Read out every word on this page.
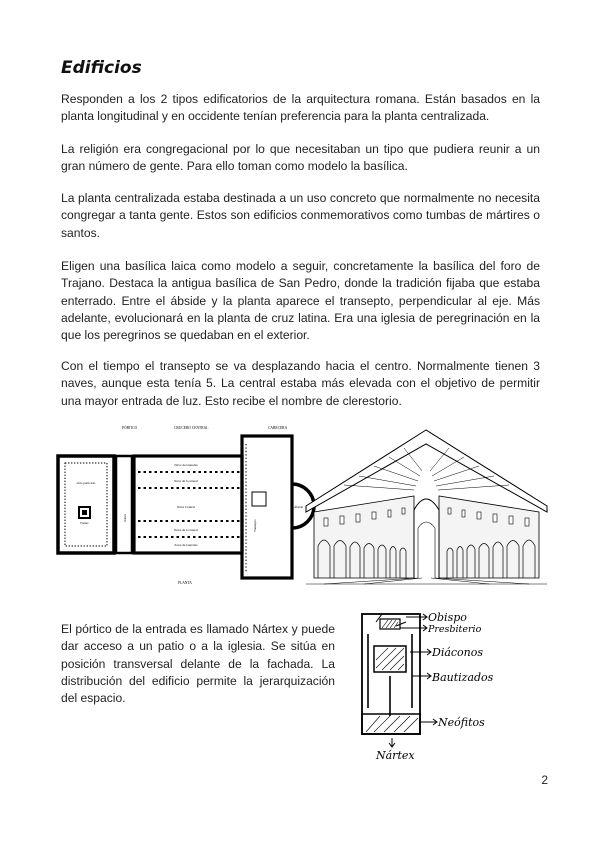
Edificios

Responden a los 2 tipos edificatorios de la arquitectura romana. Están basados en la planta longitudinal y en occidente tenían preferencia para la planta centralizada.

La religión era congregacional por lo que necesitaban un tipo que pudiera reunir a un gran número de gente. Para ello toman como modelo la basílica.

La planta centralizada estaba destinada a un uso concreto que normalmente no necesita congregar a tanta gente. Estos son edificios conmemorativos como tumbas de mártires o santos.

Eligen una basílica laica como modelo a seguir, concretamente la basílica del foro de Trajano. Destaca la antigua basílica de San Pedro, donde la tradición fijaba que estaba enterrado. Entre el ábside y la planta aparece el transepto, perpendicular al eje. Más adelante, evolucionará en la planta de cruz latina. Era una iglesia de peregrinación en la que los peregrinos se quedaban en el exterior.

Con el tiempo el transepto se va desplazando hacia el centro. Normalmente tienen 3 naves, aunque esta tenía 5. La central estaba más elevada con el objetivo de permitir una mayor entrada de luz. Esto recibe el nombre de clerestorio.

PÓRTICO	CRUCERO CENTRAL	CABECERA
atrio porticado
Fuente
Nártex
Nave de laterales
Nave de lo lateral
Nave Central
Nave de lo lateral
Zona de laterales
Transepto
Ábside
PLANTA

El pórtico de la entrada es llamado Nártex y puede dar acceso a un patio o a la iglesia. Se sitúa en posición transversal delante de la fachada. La distribución del edificio permite la jerarquización del espacio.

Obispo
Presbiterio
Diáconos
Bautizados
Neófitos
Nártex
2
